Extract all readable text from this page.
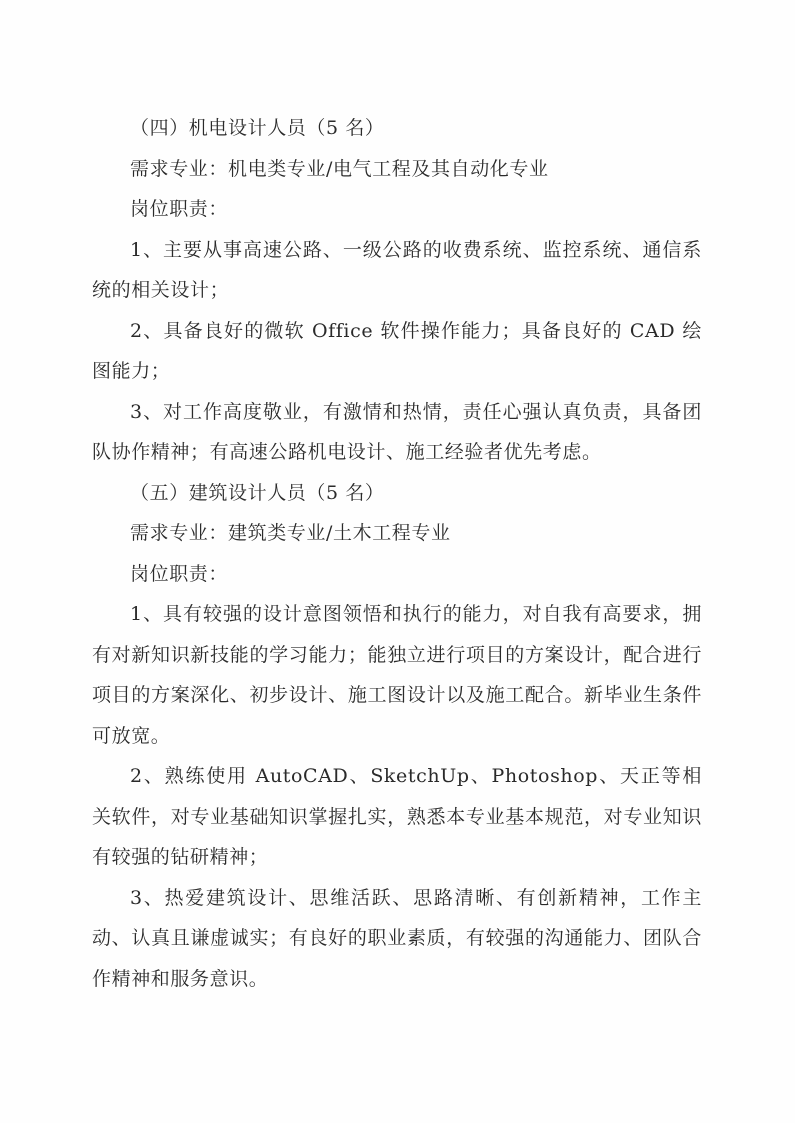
（四）机电设计人员（5 名）

需求专业：机电类专业/电气工程及其自动化专业

岗位职责：

1、主要从事高速公路、一级公路的收费系统、监控系统、通信系统的相关设计；

2、具备良好的微软 Office 软件操作能力；具备良好的 CAD 绘图能力；

3、对工作高度敬业，有激情和热情，责任心强认真负责，具备团队协作精神；有高速公路机电设计、施工经验者优先考虑。

（五）建筑设计人员（5 名）

需求专业：建筑类专业/土木工程专业

岗位职责：

1、具有较强的设计意图领悟和执行的能力，对自我有高要求，拥有对新知识新技能的学习能力；能独立进行项目的方案设计，配合进行项目的方案深化、初步设计、施工图设计以及施工配合。新毕业生条件可放宽。

2、熟练使用 AutoCAD、SketchUp、Photoshop、天正等相关软件，对专业基础知识掌握扎实，熟悉本专业基本规范，对专业知识有较强的钻研精神；

3、热爱建筑设计、思维活跃、思路清晰、有创新精神，工作主动、认真且谦虚诚实；有良好的职业素质，有较强的沟通能力、团队合作精神和服务意识。
